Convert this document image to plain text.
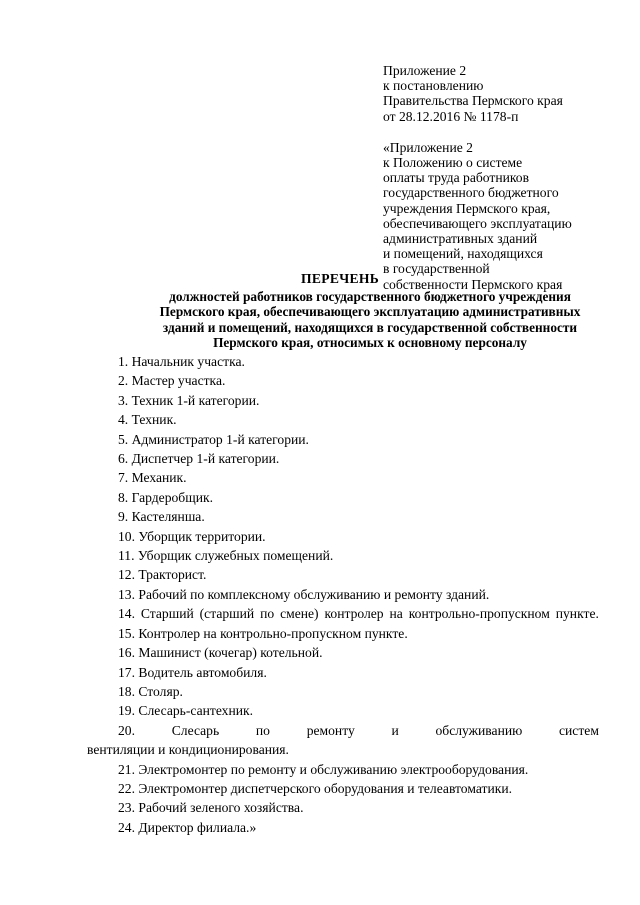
Приложение 2
к постановлению
Правительства Пермского края
от 28.12.2016 № 1178-п
«Приложение 2
к Положению о системе
оплаты труда работников
государственного бюджетного
учреждения Пермского края,
обеспечивающего эксплуатацию
административных зданий
и помещений, находящихся
в государственной
собственности Пермского края
ПЕРЕЧЕНЬ
должностей работников государственного бюджетного учреждения
Пермского края, обеспечивающего эксплуатацию административных
зданий и помещений, находящихся в государственной собственности
Пермского края, относимых к основному персоналу
1. Начальник участка.
2. Мастер участка.
3. Техник 1-й категории.
4. Техник.
5. Администратор 1-й категории.
6. Диспетчер 1-й категории.
7. Механик.
8. Гардеробщик.
9. Кастелянша.
10. Уборщик территории.
11. Уборщик служебных помещений.
12. Тракторист.
13. Рабочий по комплексному обслуживанию и ремонту зданий.
14. Старший (старший по смене) контролер на контрольно-пропускном пункте.
15. Контролер на контрольно-пропускном пункте.
16. Машинист (кочегар) котельной.
17. Водитель автомобиля.
18. Столяр.
19. Слесарь-сантехник.
20.	Слесарь	по	ремонту	и	обслуживанию	систем
вентиляции и кондиционирования.
21. Электромонтер по ремонту и обслуживанию электрооборудования.
22. Электромонтер диспетчерского оборудования и телеавтоматики.
23. Рабочий зеленого хозяйства.
24. Директор филиала.»
